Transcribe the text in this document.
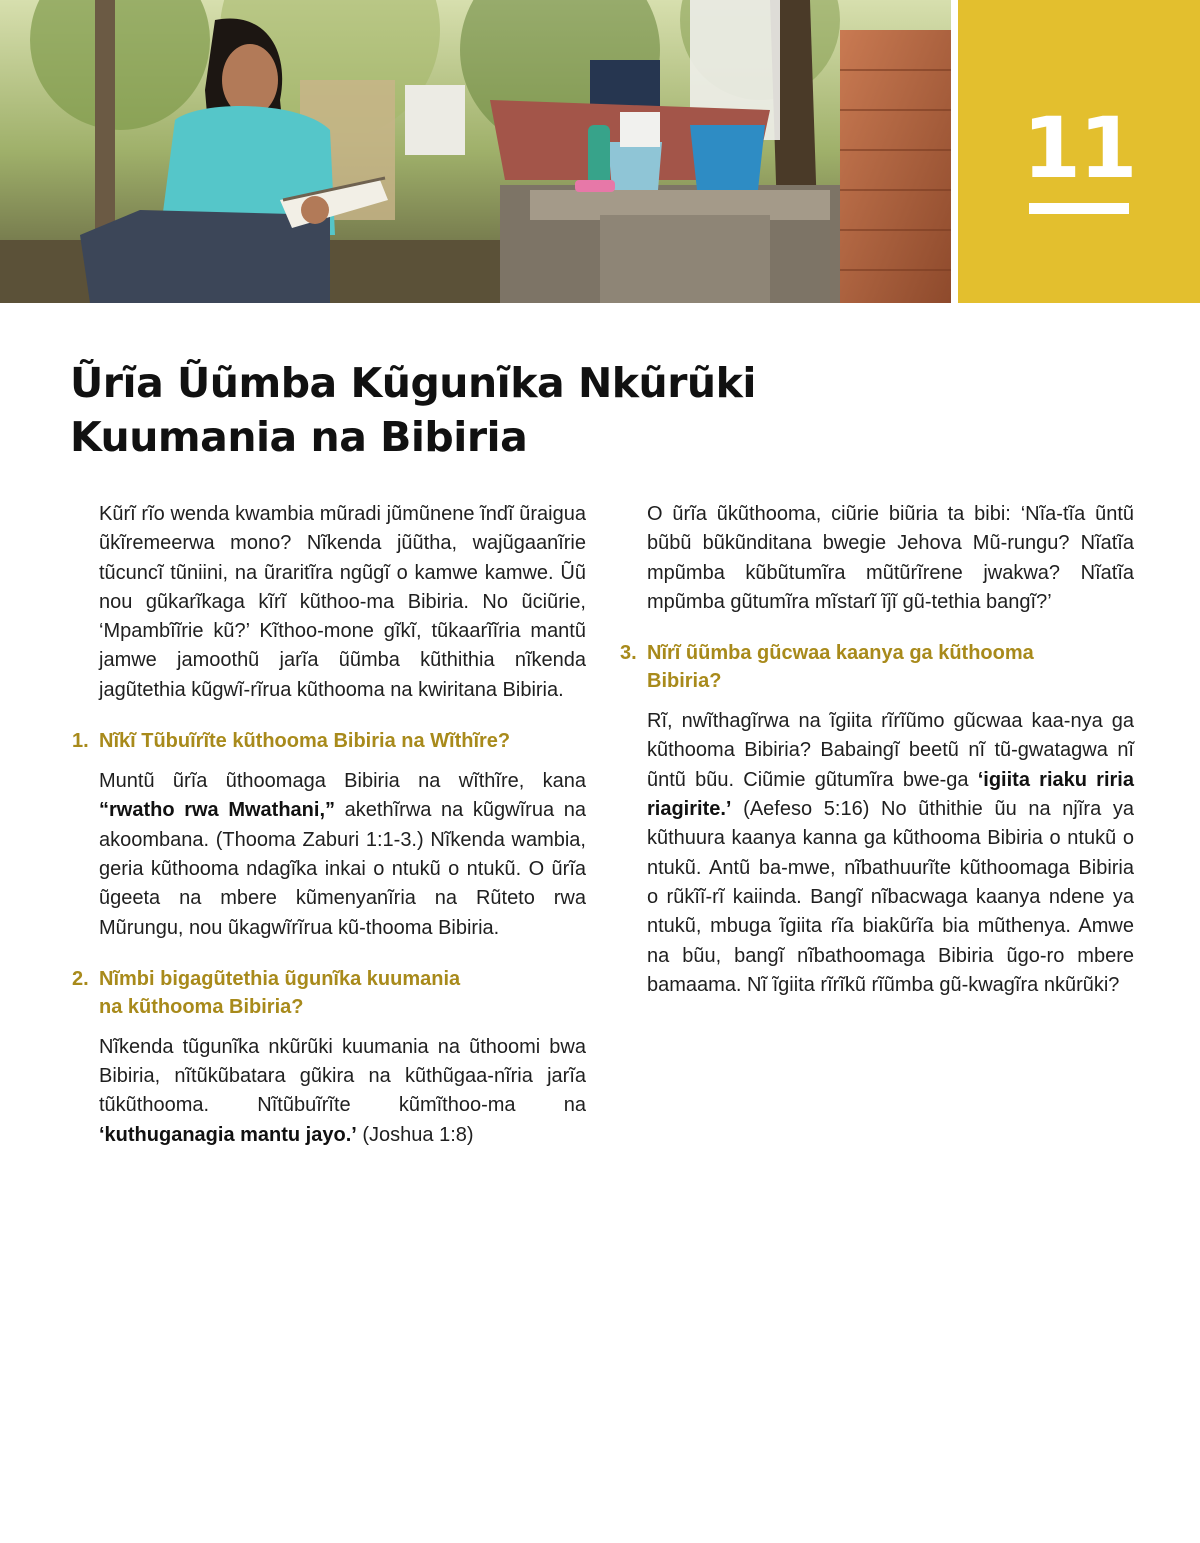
11
Ũrĩa Ũũmba Kũgunĩka Nkũrũki
Kuumania na Bibiria

Kũrĩ rĩo wenda kwambia mũradi jũmũnene ĩndĩ ũraigua ũkĩremeerwa mono? Nĩkenda jũũtha, wajũgaanĩrie tũcuncĩ tũniini, na ũraritĩra ngũgĩ o kamwe kamwe. Ũũ nou gũkarĩkaga kĩrĩ kũthoo-ma Bibiria. No ũciũrie, ‘Mpambĩĩrie kũ?’ Kĩthoo-mone gĩkĩ, tũkaarĩĩria mantũ jamwe jamoothũ jarĩa ũũmba kũthithia nĩkenda jagũtethia kũgwĩ-rĩrua kũthooma na kwiritana Bibiria.

1. Nĩkĩ Tũbuĩrĩte kũthooma Bibiria na Wĩthĩre?

Muntũ ũrĩa ũthoomaga Bibiria na wĩthĩre, kana “rwatho rwa Mwathani,” akethĩrwa na kũgwĩrua na akoombana. (Thooma Zaburi 1:1-3.) Nĩkenda wambia, geria kũthooma ndagĩka inkai o ntukũ o ntukũ. O ũrĩa ũgeeta na mbere kũmenyanĩria na Rũteto rwa Mũrungu, nou ũkagwĩrĩrua kũ-thooma Bibiria.

2. Nĩmbi bigagũtethia ũgunĩka kuumania
na kũthooma Bibiria?

Nĩkenda tũgunĩka nkũrũki kuumania na ũthoomi bwa Bibiria, nĩtũkũbatara gũkira na kũthũgaa-nĩria jarĩa tũkũthooma. Nĩtũbuĩrĩte kũmĩthoo-ma na ‘kuthuganagia mantu jayo.’ (Joshua 1:8)

O ũrĩa ũkũthooma, ciũrie biũria ta bibi: ‘Nĩa-tĩa ũntũ bũbũ bũkũnditana bwegie Jehova Mũ-rungu? Nĩatĩa mpũmba kũbũtumĩra mũtũrĩrene jwakwa? Nĩatĩa mpũmba gũtumĩra mĩstarĩ ĩjĩ gũ-tethia bangĩ?’

3. Nĩrĩ ũũmba gũcwaa kaanya ga kũthooma
Bibiria?

Rĩ, nwĩthagĩrwa na ĩgiita rĩrĩũmo gũcwaa kaa-nya ga kũthooma Bibiria? Babaingĩ beetũ nĩ tũ-gwatagwa nĩ ũntũ bũu. Ciũmie gũtumĩra bwe-ga ‘igiita riaku riria riagirite.’ (Aefeso 5:16) No ũthithie ũu na njĩra ya kũthuura kaanya kanna ga kũthooma Bibiria o ntukũ o ntukũ. Antũ ba-mwe, nĩbathuurĩte kũthoomaga Bibiria o rũkĩĩ-rĩ kaiinda. Bangĩ nĩbacwaga kaanya ndene ya ntukũ, mbuga ĩgiita rĩa biakũrĩa bia mũthenya. Amwe na bũu, bangĩ nĩbathoomaga Bibiria ũgo-ro mbere bamaama. Nĩ ĩgiita rĩrĩkũ rĩũmba gũ-kwagĩra nkũrũki?
